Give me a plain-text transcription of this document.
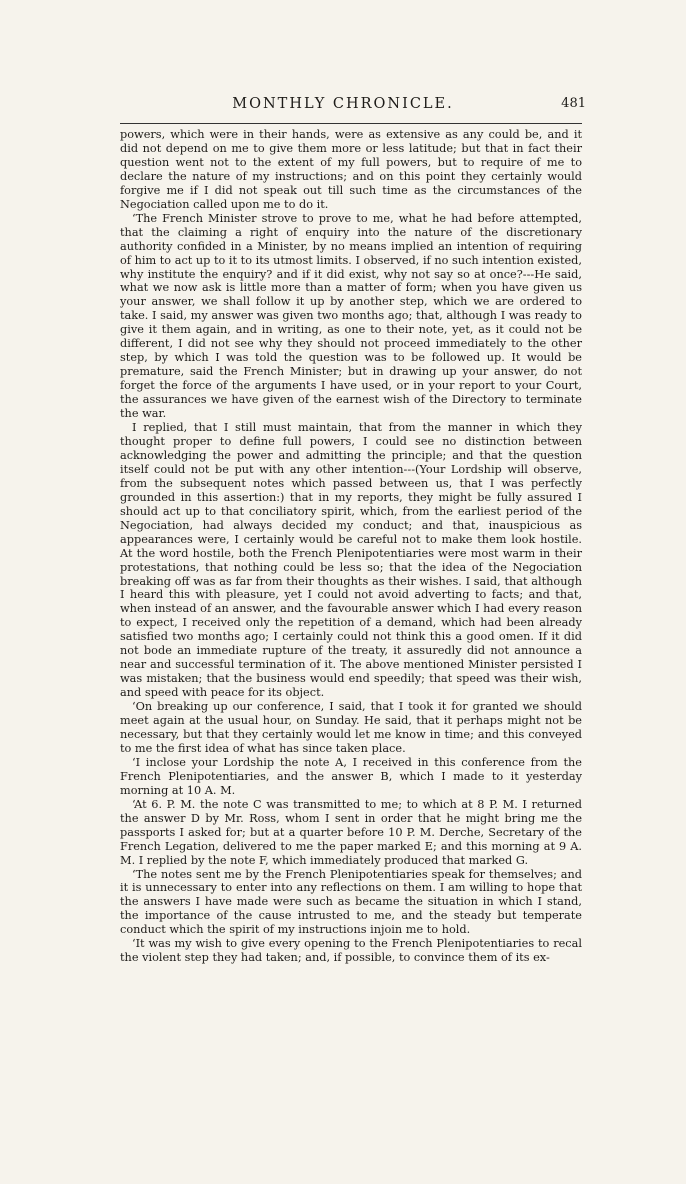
MONTHLY CHRONICLE.	481

powers, which were in their hands, were as extensive as any could be, and it did not depend on me to give them more or less latitude; but that in fact their question went not to the extent of my full powers, but to require of me to declare the nature of my instructions; and on this point they certainly would forgive me if I did not speak out till such time as the circumstances of the Negociation called upon me to do it.

‘The French Minister strove to prove to me, what he had before attempted, that the claiming a right of enquiry into the nature of the discretionary authority confided in a Minister, by no means implied an intention of requiring of him to act up to it to its utmost limits. I observed, if no such intention existed, why institute the enquiry? and if it did exist, why not say so at once?---He said, what we now ask is little more than a matter of form; when you have given us your answer, we shall follow it up by another step, which we are ordered to take. I said, my answer was given two months ago; that, although I was ready to give it them again, and in writing, as one to their note, yet, as it could not be different, I did not see why they should not proceed immediately to the other step, by which I was told the question was to be followed up. It would be premature, said the French Minister; but in drawing up your answer, do not forget the force of the arguments I have used, or in your report to your Court, the assurances we have given of the earnest wish of the Directory to terminate the war.

I replied, that I still must maintain, that from the manner in which they thought proper to define full powers, I could see no distinction between acknowledging the power and admitting the principle; and that the question itself could not be put with any other intention---(Your Lordship will observe, from the subsequent notes which passed between us, that I was perfectly grounded in this assertion:) that in my reports, they might be fully assured I should act up to that conciliatory spirit, which, from the earliest period of the Negociation, had always decided my conduct; and that, inauspicious as appearances were, I certainly would be careful not to make them look hostile. At the word hostile, both the French Plenipotentiaries were most warm in their protestations, that nothing could be less so; that the idea of the Negociation breaking off was as far from their thoughts as their wishes. I said, that although I heard this with pleasure, yet I could not avoid adverting to facts; and that, when instead of an answer, and the favourable answer which I had every reason to expect, I received only the repetition of a demand, which had been already satisfied two months ago; I certainly could not think this a good omen. If it did not bode an immediate rupture of the treaty, it assuredly did not announce a near and successful termination of it. The above mentioned Minister persisted I was mistaken; that the business would end speedily; that speed was their wish, and speed with peace for its object.

‘On breaking up our conference, I said, that I took it for granted we should meet again at the usual hour, on Sunday. He said, that it perhaps might not be necessary, but that they certainly would let me know in time; and this conveyed to me the first idea of what has since taken place.

‘I inclose your Lordship the note A, I received in this conference from the French Plenipotentiaries, and the answer B, which I made to it yesterday morning at 10 A. M.

‘At 6. P. M. the note C was transmitted to me; to which at 8 P. M. I returned the answer D by Mr. Ross, whom I sent in order that he might bring me the passports I asked for; but at a quarter before 10 P. M. Derche, Secretary of the French Legation, delivered to me the paper marked E; and this morning at 9 A. M. I replied by the note F, which immediately produced that marked G.

‘The notes sent me by the French Plenipotentiaries speak for themselves; and it is unnecessary to enter into any reflections on them. I am willing to hope that the answers I have made were such as became the situation in which I stand, the importance of the cause intrusted to me, and the steady but temperate conduct which the spirit of my instructions injoin me to hold.

‘It was my wish to give every opening to the French Plenipotentiaries to recal the violent step they had taken; and, if possible, to convince them of its ex-
